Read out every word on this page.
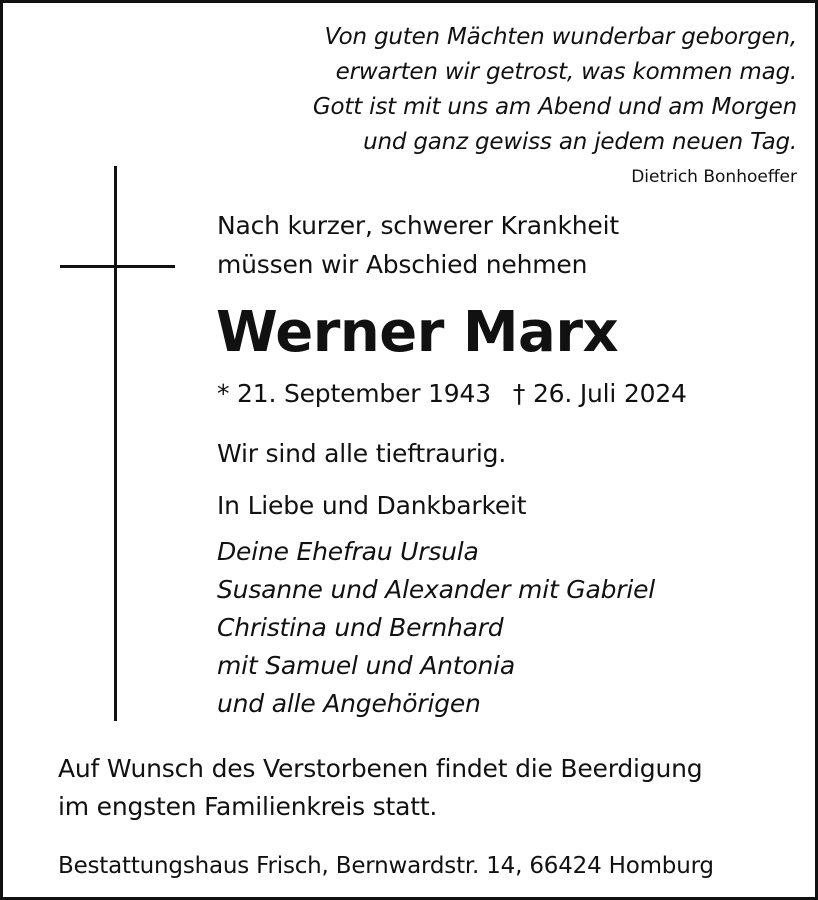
Von guten Mächten wunderbar geborgen,
erwarten wir getrost, was kommen mag.
Gott ist mit uns am Abend und am Morgen
und ganz gewiss an jedem neuen Tag.
Dietrich Bonhoeffer
Nach kurzer, schwerer Krankheit
müssen wir Abschied nehmen
Werner Marx
* 21. September 1943 † 26. Juli 2024
Wir sind alle tieftraurig.
In Liebe und Dankbarkeit
Deine Ehefrau Ursula
Susanne und Alexander mit Gabriel
Christina und Bernhard
mit Samuel und Antonia
und alle Angehörigen
Auf Wunsch des Verstorbenen findet die Beerdigung
im engsten Familienkreis statt.
Bestattungshaus Frisch, Bernwardstr. 14, 66424 Homburg
